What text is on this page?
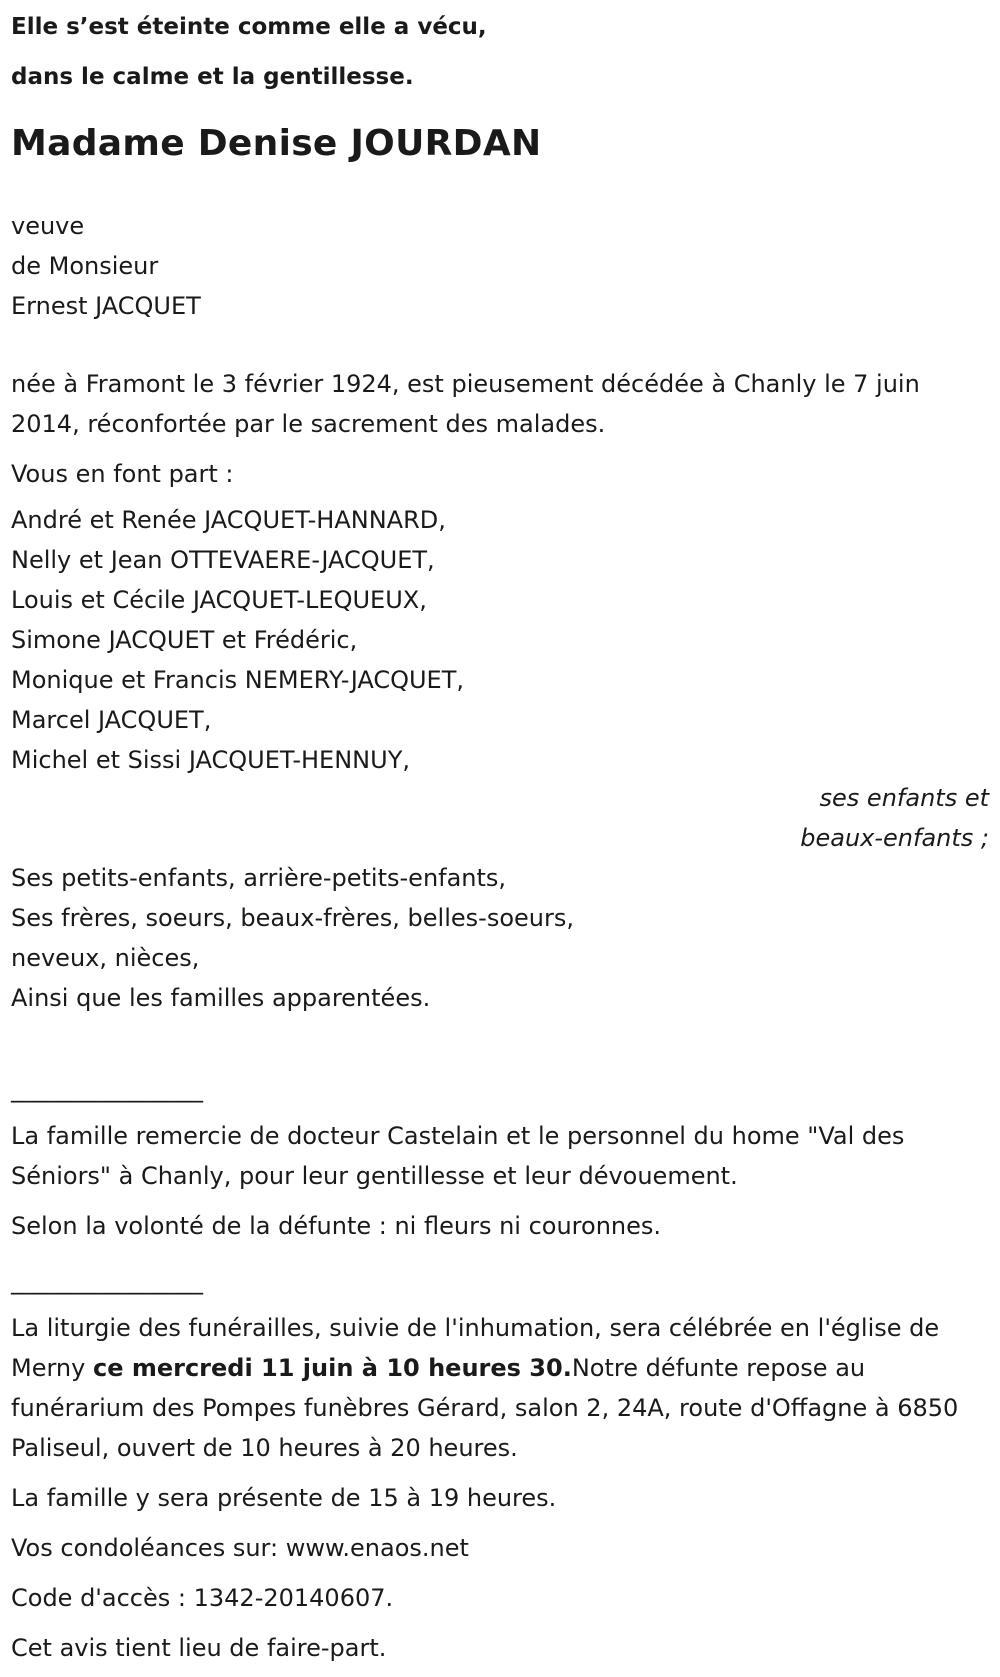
Elle s’est éteinte comme elle a vécu,
dans le calme et la gentillesse.
Madame Denise JOURDAN
veuve
de Monsieur
Ernest JACQUET
née à Framont le 3 février 1924, est pieusement décédée à Chanly le 7 juin 2014, réconfortée par le sacrement des malades.
Vous en font part :
André et Renée JACQUET-HANNARD,
Nelly et Jean OTTEVAERE-JACQUET,
Louis et Cécile JACQUET-LEQUEUX,
Simone JACQUET et Frédéric,
Monique et Francis NEMERY-JACQUET,
Marcel JACQUET,
Michel et Sissi JACQUET-HENNUY,
ses enfants et
beaux-enfants ;
Ses petits-enfants, arrière-petits-enfants,
Ses frères, soeurs, beaux-frères, belles-soeurs,
neveux, nièces,
Ainsi que les familles apparentées.
________________
La famille remercie de docteur Castelain et le personnel du home "Val des Séniors" à Chanly, pour leur gentillesse et leur dévouement.
Selon la volonté de la défunte : ni fleurs ni couronnes.
________________
La liturgie des funérailles, suivie de l'inhumation, sera célébrée en l'église de Merny ce mercredi 11 juin à 10 heures 30.Notre défunte repose au funérarium des Pompes funèbres Gérard, salon 2, 24A, route d'Offagne à 6850 Paliseul, ouvert de 10 heures à 20 heures.
La famille y sera présente de 15 à 19 heures.
Vos condoléances sur: www.enaos.net
Code d'accès : 1342-20140607.
Cet avis tient lieu de faire-part.
